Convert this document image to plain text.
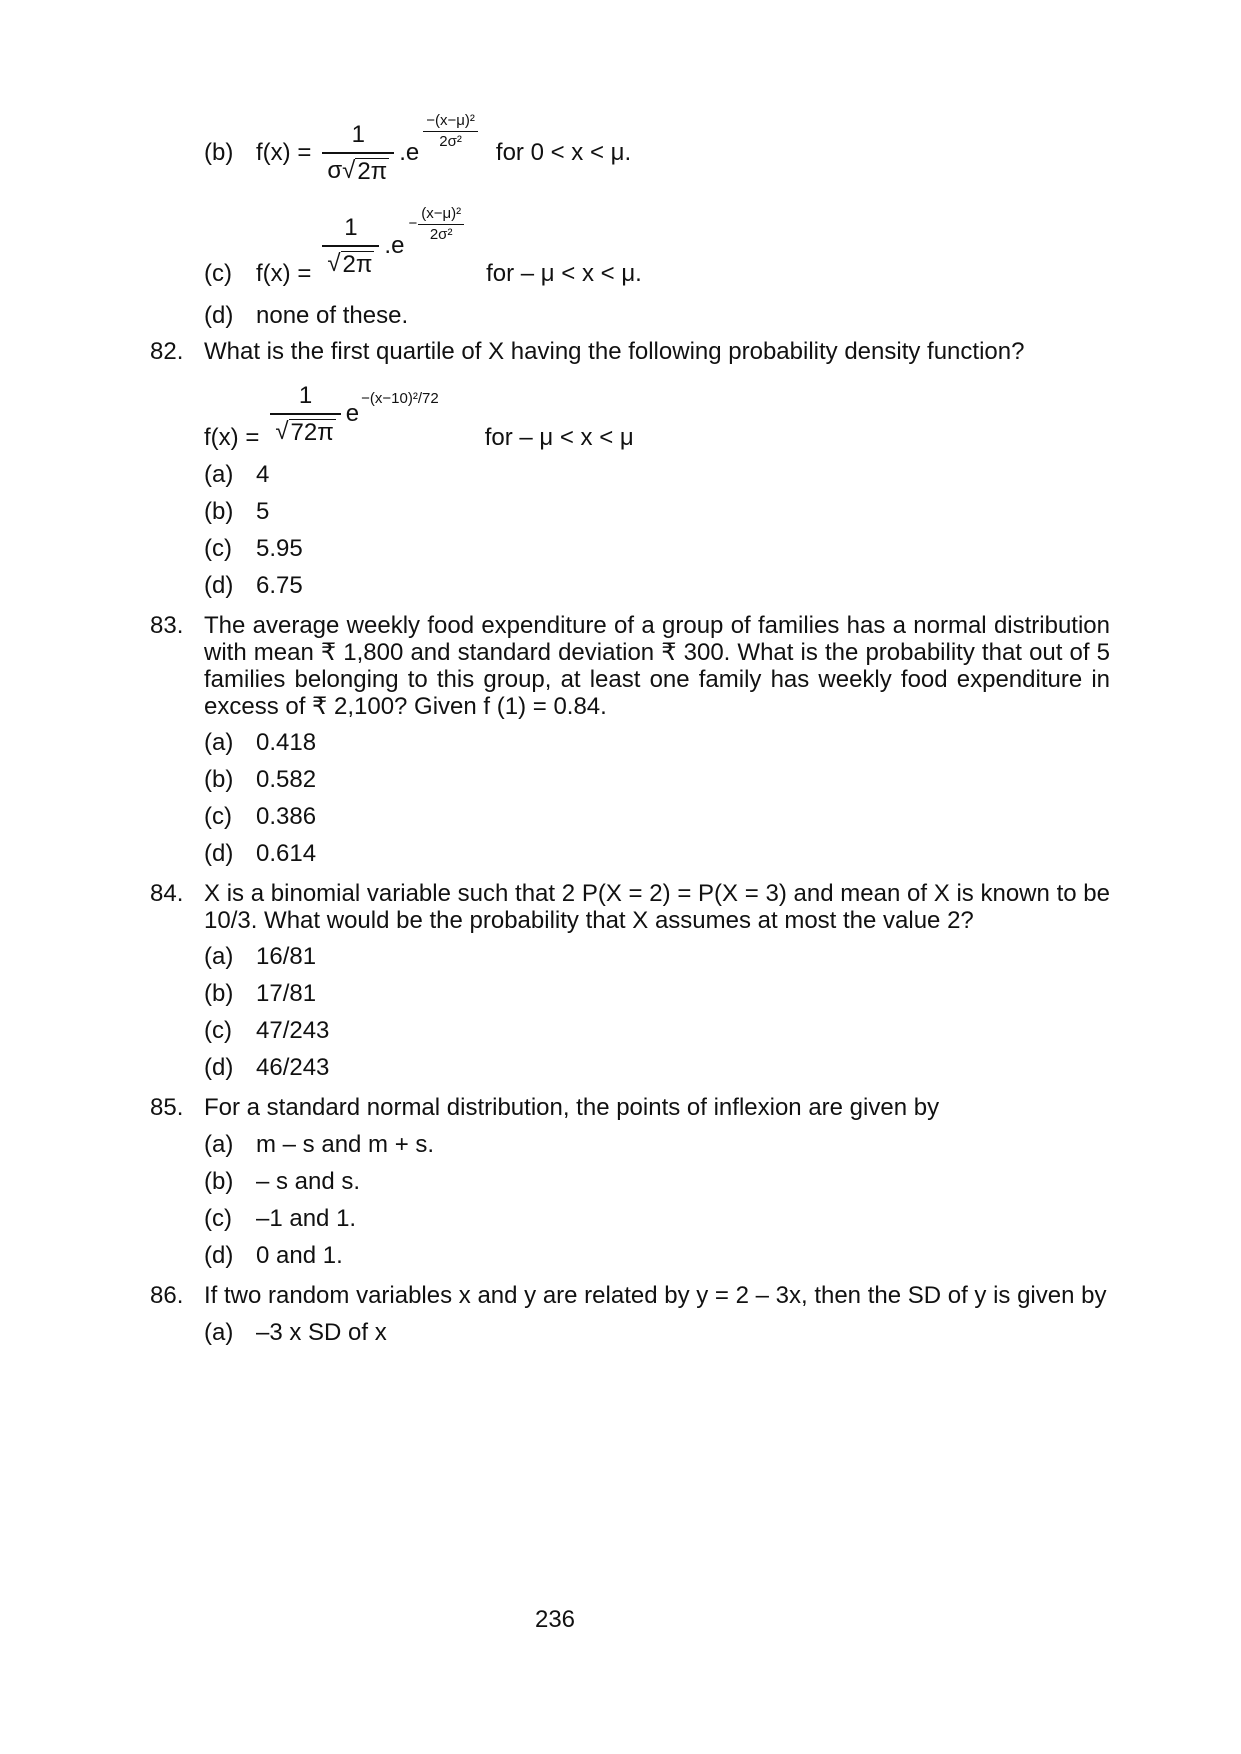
(b) $f(x) = \frac{1}{\sigma √ 2\pi} .e$
$\frac{\text{−(x−μ)²}}{\text{2σ²}}$
for 0 < x < μ.
(c)	$f(x) = \frac{1}{√ 2\pi} .e$
− $\frac{\text{(x−μ)²}}{\text{2σ²}}$
for – μ < x < μ.
(d) none of these.
82. What is the first quartile of X having the following probability density function?
$f(x) = \frac{1}{√ 72\pi}$ e
−(x−10)²/72
for – μ < x < μ
(a) 4
(b) 5
(c)	5.95
(d) 6.75
83. The average weekly food expenditure of a group of families has a normal distribution with mean ₹ 1,800 and standard deviation ₹ 300. What is the probability that out of 5 families belonging to this group, at least one family has weekly food expenditure in excess of ₹ 2,100? Given f (1) = 0.84.
(a) 0.418
(b) 0.582
(c)	0.386
(d) 0.614
84. X is a binomial variable such that 2 P(X = 2) = P(X = 3) and mean of X is known to be 10/3. What would be the probability that X assumes at most the value 2?
(a) 16/81
(b) 17/81
(c)	47/243
(d) 46/243
85. For a standard normal distribution, the points of inflexion are given by
(a) m – s and m + s.
(b) – s and s.
(c)	–1 and 1.
(d) 0 and 1.
86. If two random variables x and y are related by y = 2 – 3x, then the SD of y is given by
(a) –3 x SD of x
236
